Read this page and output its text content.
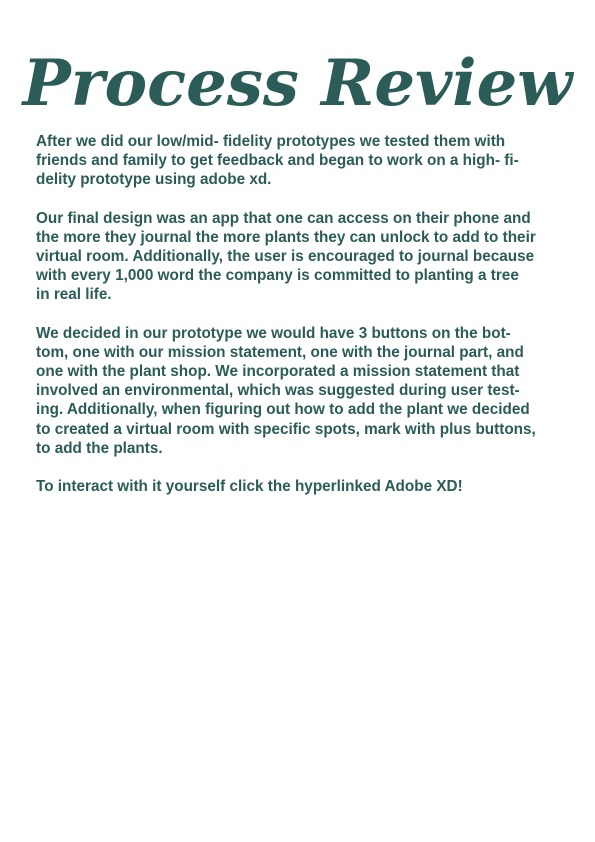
Process Review

After we did our low/mid- fidelity prototypes we tested them with
friends and family to get feedback and began to work on a high- fi-
delity prototype using adobe xd.

Our final design was an app that one can access on their phone and
the more they journal the more plants they can unlock to add to their
virtual room. Additionally, the user is encouraged to journal because
with every 1,000 word the company is committed to planting a tree
in real life.

We decided in our prototype we would have 3 buttons on the bot-
tom, one with our mission statement, one with the journal part, and
one with the plant shop. We incorporated a mission statement that
involved an environmental, which was suggested during user test-
ing. Additionally, when figuring out how to add the plant we decided
to created a virtual room with specific spots, mark with plus buttons,
to add the plants.

To interact with it yourself click the hyperlinked Adobe XD!
